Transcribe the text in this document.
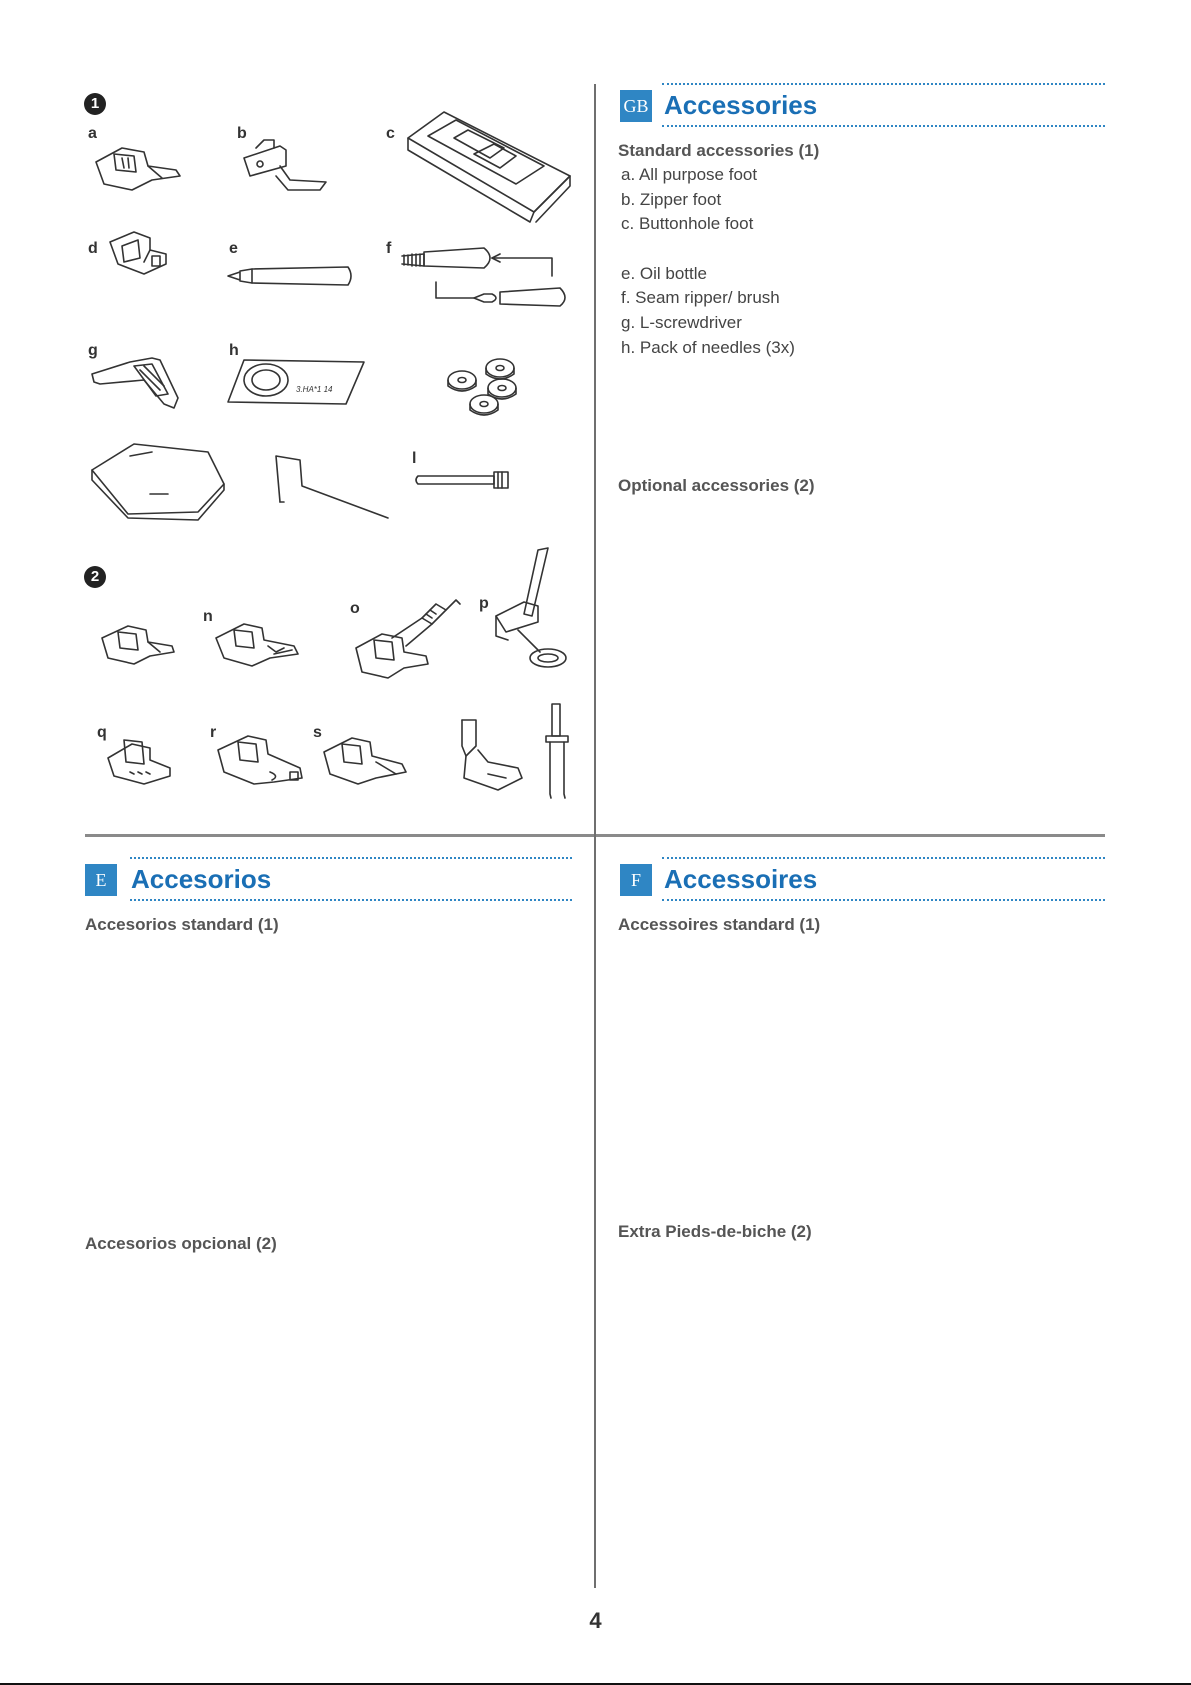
1
a	b	c
d	e	f
g	h
l
3.HA*1 14
2
n	o	p
q	r	s
GB Accessories
Standard accessories (1)
a. All purpose foot
b. Zipper foot
c. Buttonhole foot
e. Oil bottle
f. Seam ripper/ brush
g. L-screwdriver
h. Pack of needles (3x)
Optional accessories (2)
E Accesorios
Accesorios standard (1)
Accesorios opcional (2)
F Accessoires
Accessoires standard (1)
Extra Pieds-de-biche (2)
4
